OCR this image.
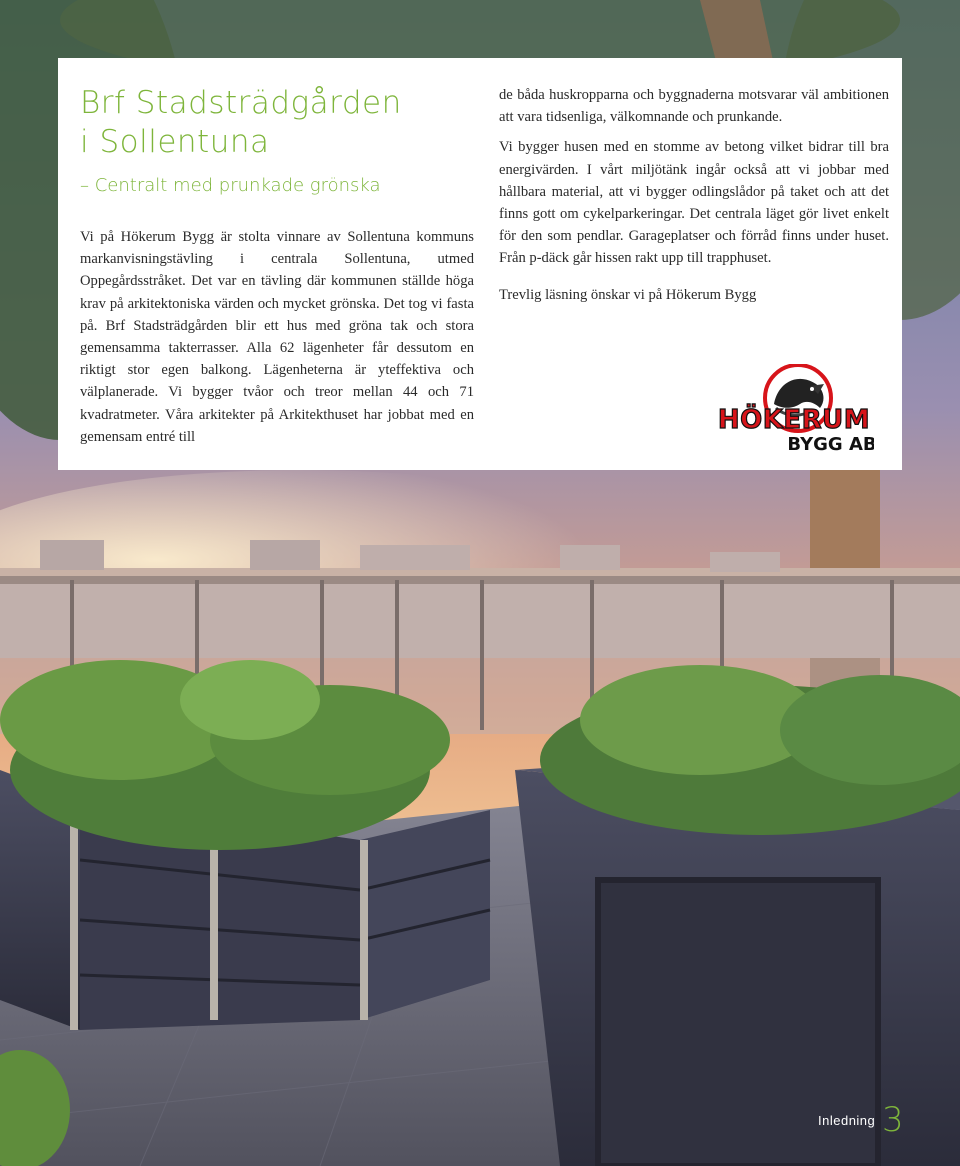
Brf Stadsträdgården
i Sollentuna

– Centralt med prunkade grönska

Vi på Hökerum Bygg är stolta vinnare av Sollentuna kommuns markanvisningstävling i centrala Sollentuna, utmed Oppegårdsstråket. Det var en tävling där kommunen ställde höga krav på arkitektoniska värden och mycket grönska. Det tog vi fasta på. Brf Stadsträdgården blir ett hus med gröna tak och stora gemensamma takterrasser. Alla 62 lägenheter får dessutom en riktigt stor egen balkong. Lägenheterna är yteffektiva och välplanerade. Vi bygger tvåor och treor mellan 44 och 71 kvadratmeter. Våra arkitekter på Arkitekthuset har jobbat med en gemensam entré till

de båda huskropparna och byggnaderna motsvarar väl ambitionen att vara tidsenliga, välkomnande och prunkande.

Vi bygger husen med en stomme av betong vilket bidrar till bra energivärden. I vårt miljötänk ingår också att vi jobbar med hållbara material, att vi bygger odlingslådor på taket och att det finns gott om cykelparkeringar. Det centrala läget gör livet enkelt för den som pendlar. Garageplatser och förråd finns under huset. Från p-däck går hissen rakt upp till trapphuset.

Trevlig läsning önskar vi på Hökerum Bygg

HÖKERUM
BYGG AB
Inledning 3
